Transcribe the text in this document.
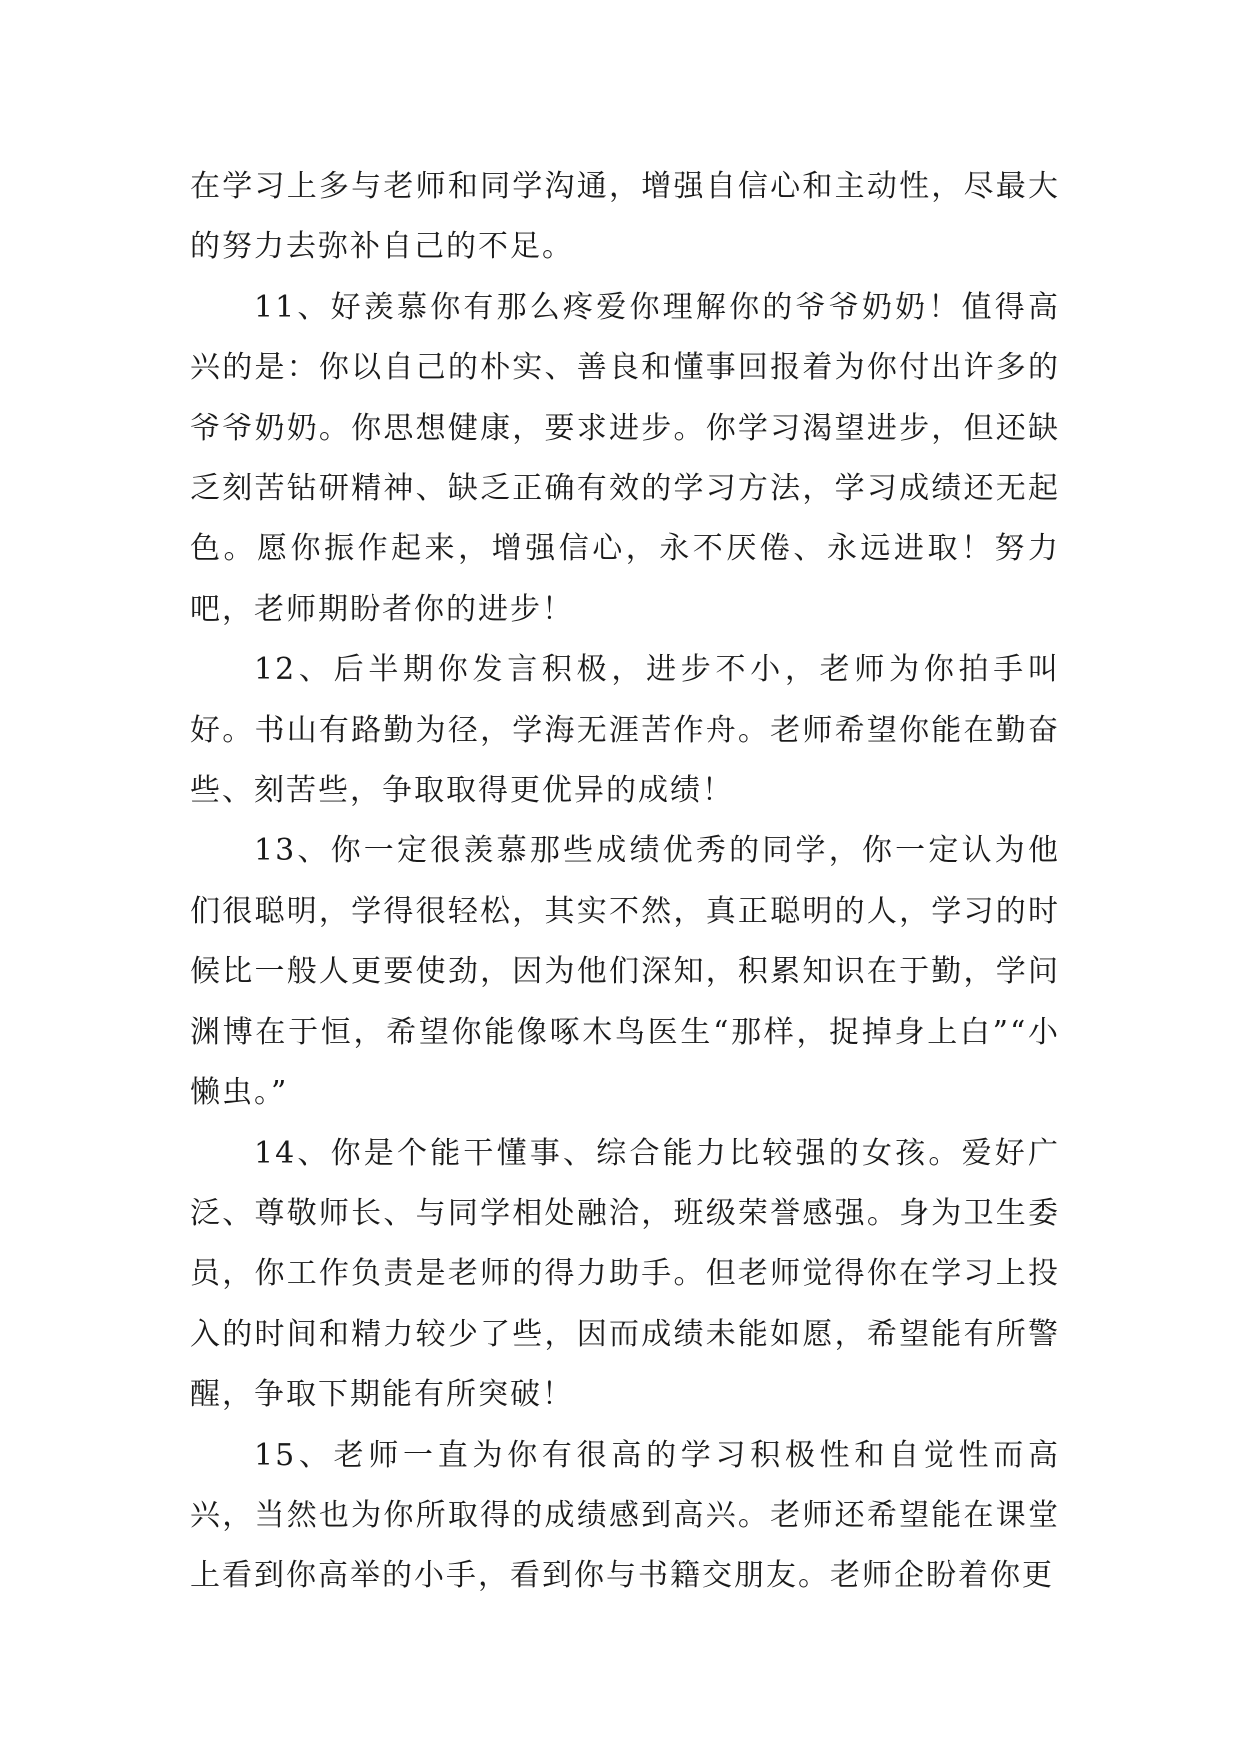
在学习上多与老师和同学沟通，增强自信心和主动性，尽最大的努力去弥补自己的不足。

11、好羡慕你有那么疼爱你理解你的爷爷奶奶！值得高兴的是：你以自己的朴实、善良和懂事回报着为你付出许多的爷爷奶奶。你思想健康，要求进步。你学习渴望进步，但还缺乏刻苦钻研精神、缺乏正确有效的学习方法，学习成绩还无起色。愿你振作起来，增强信心，永不厌倦、永远进取！努力吧，老师期盼者你的进步！

12、后半期你发言积极，进步不小，老师为你拍手叫好。书山有路勤为径，学海无涯苦作舟。老师希望你能在勤奋些、刻苦些，争取取得更优异的成绩！

13、你一定很羡慕那些成绩优秀的同学，你一定认为他们很聪明，学得很轻松，其实不然，真正聪明的人，学习的时候比一般人更要使劲，因为他们深知，积累知识在于勤，学问渊博在于恒，希望你能像啄木鸟医生“那样，捉掉身上白”“小懒虫。”

14、你是个能干懂事、综合能力比较强的女孩。爱好广泛、尊敬师长、与同学相处融洽，班级荣誉感强。身为卫生委员，你工作负责是老师的得力助手。但老师觉得你在学习上投入的时间和精力较少了些，因而成绩未能如愿，希望能有所警醒，争取下期能有所突破！

15、老师一直为你有很高的学习积极性和自觉性而高兴，当然也为你所取得的成绩感到高兴。老师还希望能在课堂上看到你高举的小手，看到你与书籍交朋友。老师企盼着你更
